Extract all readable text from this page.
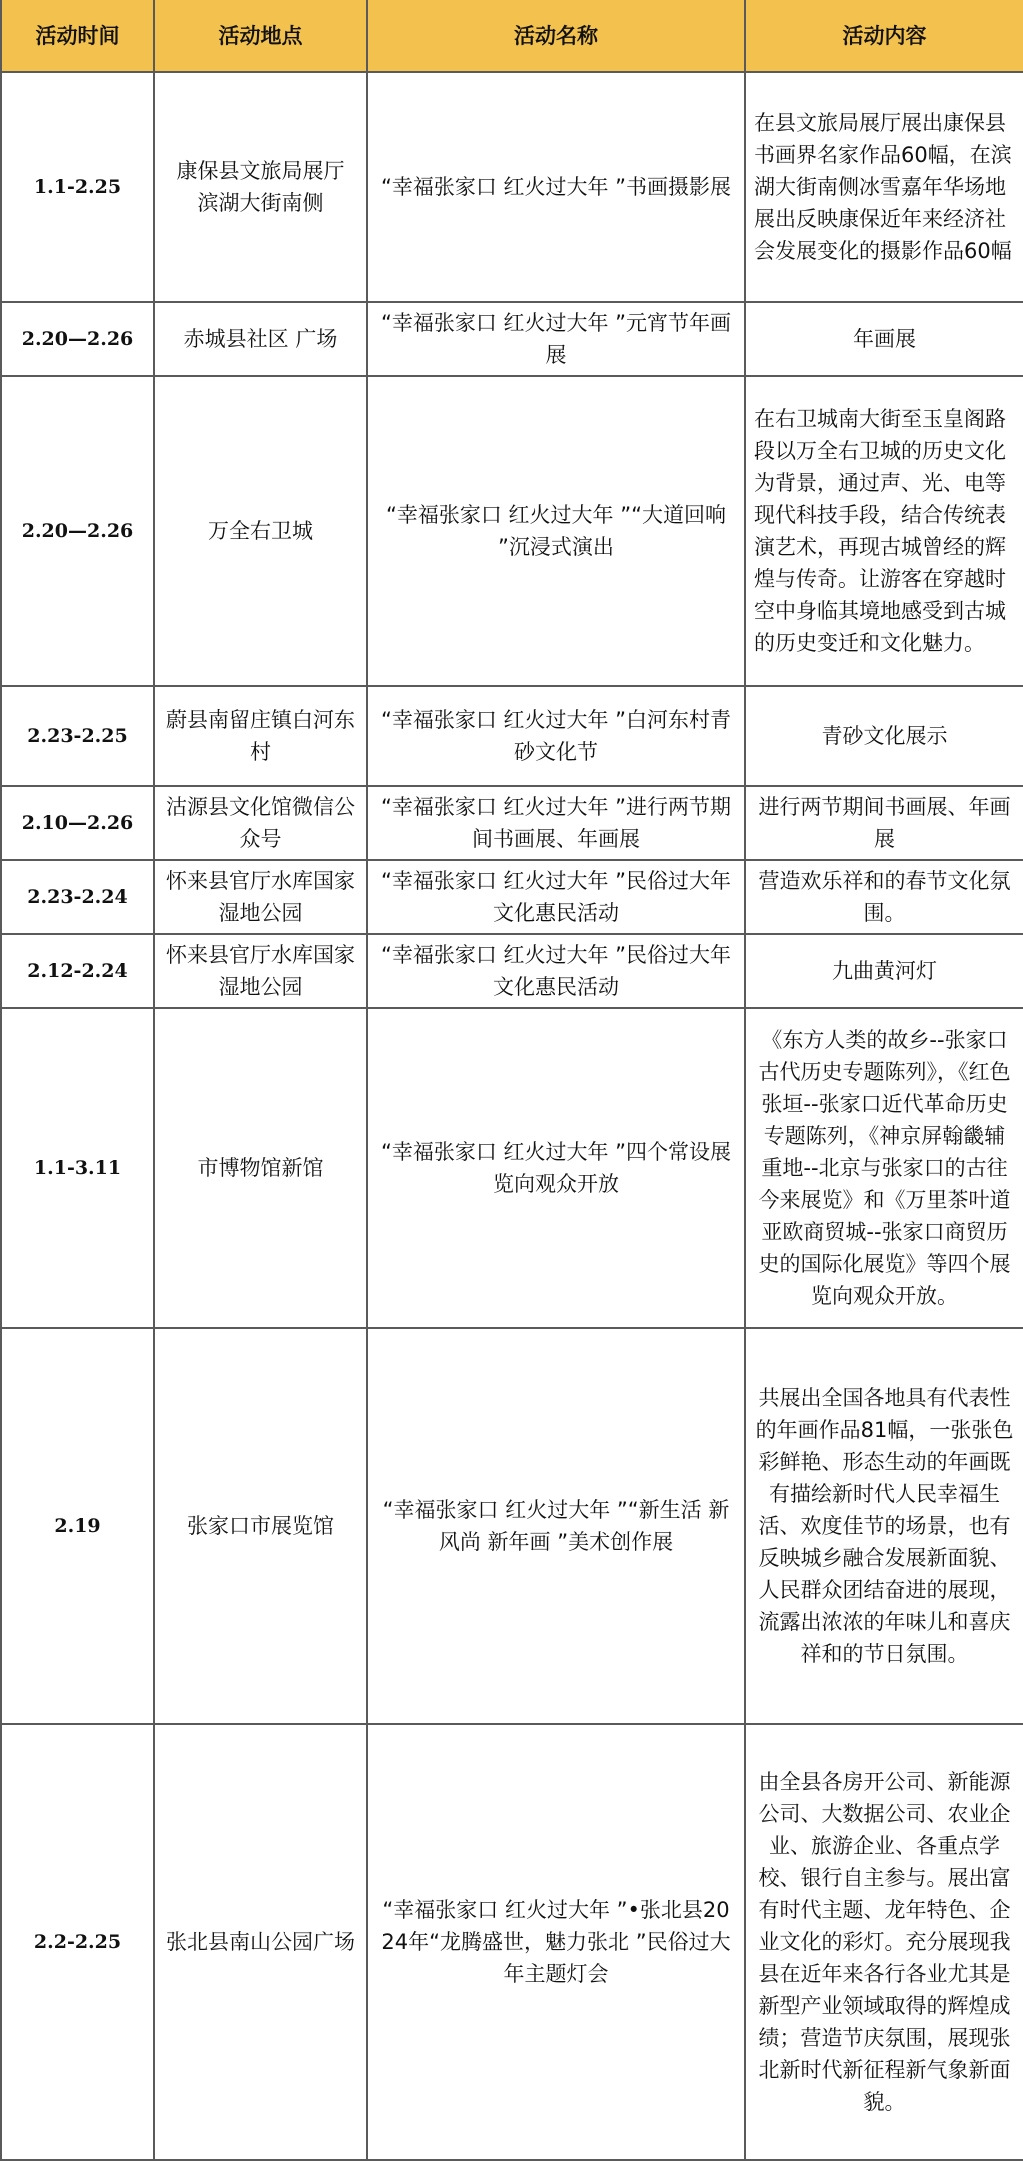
活动时间	活动地点	活动名称	活动内容
1.1-2.25	康保县文旅局展厅 滨湖大街南侧	“幸福张家口 红火过大年 ”书画摄影展	在县文旅局展厅展出康保县书画界名家作品60幅，在滨湖大街南侧冰雪嘉年华场地展出反映康保近年来经济社会发展变化的摄影作品60幅
2.20—2.26	赤城县社区 广场	“幸福张家口 红火过大年 ”元宵节年画展	年画展
2.20—2.26	万全右卫城	“幸福张家口 红火过大年 ”“大道回响 ”沉浸式演出	在右卫城南大街至玉皇阁路段以万全右卫城的历史文化为背景，通过声、光、电等现代科技手段，结合传统表演艺术，再现古城曾经的辉煌与传奇。让游客在穿越时空中身临其境地感受到古城的历史变迁和文化魅力。
2.23-2.25	蔚县南留庄镇白河东村	“幸福张家口 红火过大年 ”白河东村青砂文化节	青砂文化展示
2.10—2.26	沽源县文化馆微信公众号	“幸福张家口 红火过大年 ”进行两节期间书画展、年画展	进行两节期间书画展、年画展
2.23-2.24	怀来县官厅水库国家湿地公园	“幸福张家口 红火过大年 ”民俗过大年文化惠民活动	营造欢乐祥和的春节文化氛围。
2.12-2.24	怀来县官厅水库国家湿地公园	“幸福张家口 红火过大年 ”民俗过大年文化惠民活动	九曲黄河灯
1.1-3.11	市博物馆新馆	“幸福张家口 红火过大年 ”四个常设展览向观众开放	《东方人类的故乡--张家口古代历史专题陈列》，《红色张垣--张家口近代革命历史专题陈列，《神京屏翰畿辅重地--北京与张家口的古往今来展览》和《万里茶叶道 亚欧商贸城--张家口商贸历史的国际化展览》等四个展览向观众开放。
2.19	张家口市展览馆	“幸福张家口 红火过大年 ”“新生活 新风尚 新年画 ”美术创作展	共展出全国各地具有代表性的年画作品81幅，一张张色彩鲜艳、形态生动的年画既有描绘新时代人民幸福生活、欢度佳节的场景，也有反映城乡融合发展新面貌、人民群众团结奋进的展现，流露出浓浓的年味儿和喜庆祥和的节日氛围。
2.2-2.25	张北县南山公园广场	“幸福张家口 红火过大年 ”•张北县2024年“龙腾盛世，魅力张北 ”民俗过大年主题灯会	由全县各房开公司、新能源公司、大数据公司、农业企业、旅游企业、各重点学校、银行自主参与。展出富有时代主题、龙年特色、企业文化的彩灯。充分展现我县在近年来各行各业尤其是新型产业领域取得的辉煌成绩；营造节庆氛围，展现张北新时代新征程新气象新面貌。
